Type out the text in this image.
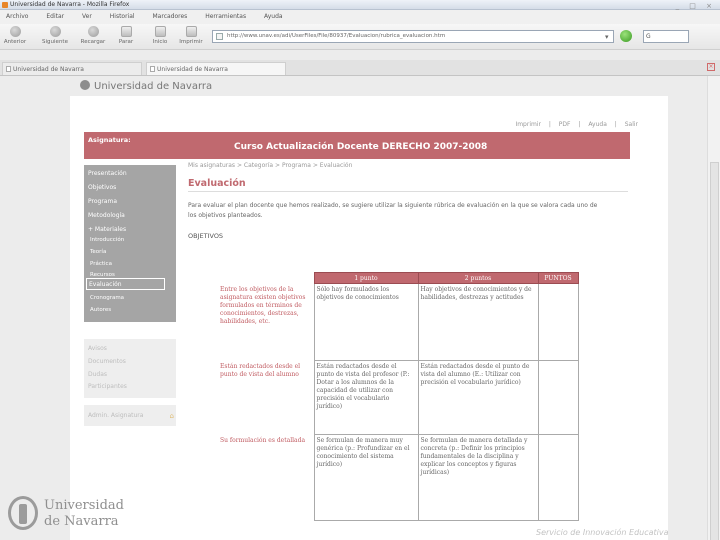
Universidad de Navarra - Mozilla Firefox	_ □ ×
Archivo	Editar	Ver	Historial	Marcadores	Herramientas	Ayuda
Anterior	Siguiente	Recargar	Parar	Inicio	Imprimir
http://www.unav.es/adi/UserFiles/File/80937/Evaluacion/rubrica_evaluacion.htm	▾	G
Universidad de Navarra	Universidad de Navarra	×
Universidad de Navarra
Imprimir | PDF | Ayuda | Salir
Asignatura:
Curso Actualización Docente DERECHO 2007-2008
Presentación
Objetivos
Programa
Metodología
+ Materiales
Introducción
Teoría
Práctica
Recursos
Evaluación
Cronograma
Autores
Avisos
Documentos
Dudas
Participantes
Admin. Asignatura	⌂
Mis asignaturas > Categoría > Programa > Evaluación
Evaluación
Para evaluar el plan docente que hemos realizado, se sugiere utilizar la siguiente rúbrica de evaluación en la que se valora cada uno de los objetivos planteados.
OBJETIVOS
	1 punto	2 puntos	PUNTOS
Entre los objetivos de la asignatura existen objetivos formulados en términos de conocimientos, destrezas, habilidades, etc.	Sólo hay formulados los objetivos de conocimientos	Hay objetivos de conocimientos y de habilidades, destrezas y actitudes	
Están redactados desde el punto de vista del alumno	Están redactados desde el punto de vista del profesor (P.: Dotar a los alumnos de la capacidad de utilizar con precisión el vocabulario jurídico)	Están redactados desde el punto de vista del alumno (E.: Utilizar con precisión el vocabulario jurídico)	
Su formulación es detallada	Se formulan de manera muy genérica (p.: Profundizar en el conocimiento del sistema jurídico)	Se formulan de manera detallada y concreta (p.: Definir los principios fundamentales de la disciplina y explicar los conceptos y figuras jurídicas)	
Universidad
de Navarra
Servicio de Innovación Educativa
